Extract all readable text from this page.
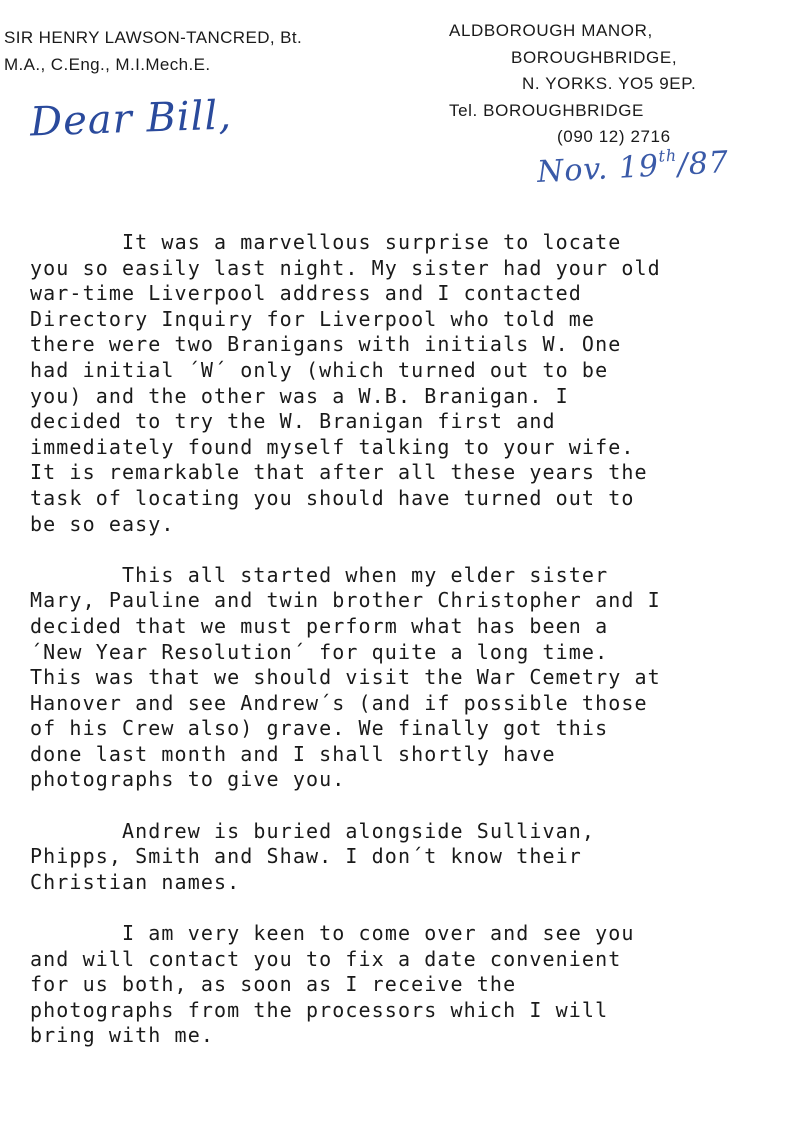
SIR HENRY LAWSON-TANCRED, Bt.
M.A., C.Eng., M.I.Mech.E.
ALDBOROUGH MANOR,
BOROUGHBRIDGE,
N. YORKS. YO5 9EP.
Tel. BOROUGHBRIDGE
(090 12) 2716
Dear Bill,
Nov. 19th/87

It was a marvellous surprise to locate
you so easily last night. My sister had your old
war-time Liverpool address and I contacted
Directory Inquiry for Liverpool who told me
there were two Branigans with initials W. One
had initial ´W´ only (which turned out to be
you) and the other was a W.B. Branigan. I
decided to try the W. Branigan first and
immediately found myself talking to your wife.
It is remarkable that after all these years the
task of locating you should have turned out to
be so easy.

This all started when my elder sister
Mary, Pauline and twin brother Christopher and I
decided that we must perform what has been a
´New Year Resolution´ for quite a long time.
This was that we should visit the War Cemetry at
Hanover and see Andrew´s (and if possible those
of his Crew also) grave. We finally got this
done last month and I shall shortly have
photographs to give you.

Andrew is buried alongside Sullivan,
Phipps, Smith and Shaw. I don´t know their
Christian names.

I am very keen to come over and see you
and will contact you to fix a date convenient
for us both, as soon as I receive the
photographs from the processors which I will
bring with me.
